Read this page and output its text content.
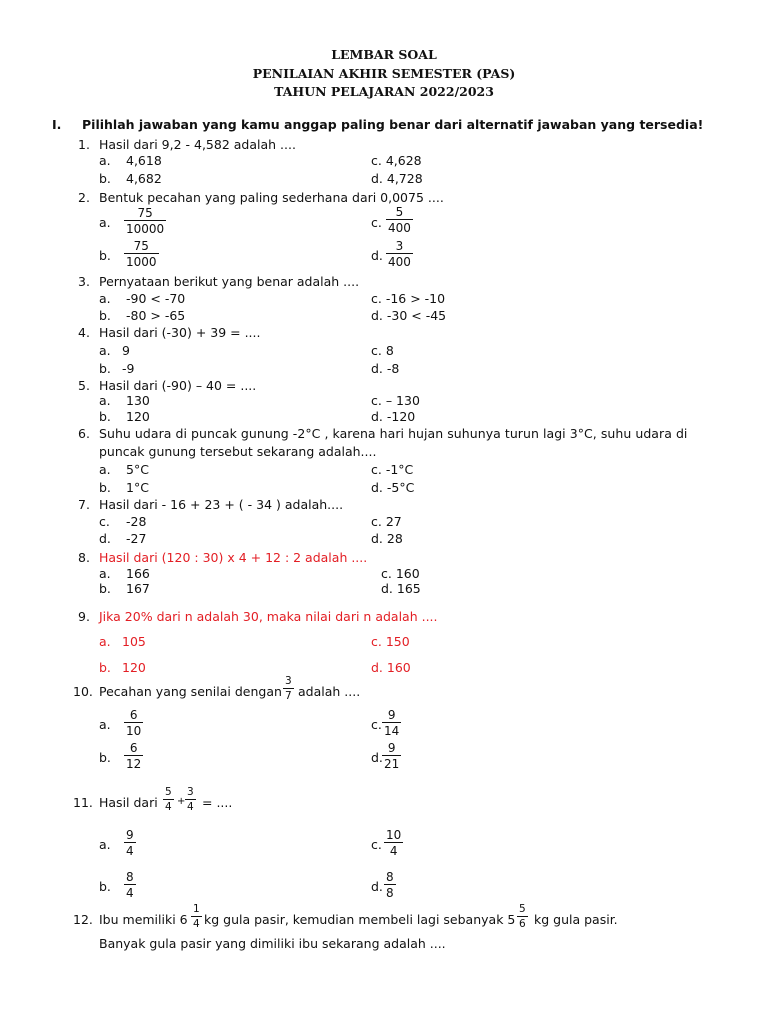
LEMBAR SOAL
PENILAIAN AKHIR SEMESTER (PAS)
TAHUN PELAJARAN 2022/2023
I. Pilihlah jawaban yang kamu anggap paling benar dari alternatif jawaban yang tersedia!
1. Hasil dari 9,2 - 4,582 adalah ....
a. 4,618
b. 4,682
c. 4,628
d. 4,728
2. Bentuk pecahan yang paling sederhana dari 0,0075 ....
a.
75
10000
b.
75
1000
c.
5
400
d.
3
400
3. Pernyataan berikut yang benar adalah ....
a. -90 < -70
b. -80 > -65
c. -16 > -10
d. -30 < -45
4. Hasil dari (-30) + 39 = ....
a. 9
b. -9
c. 8
d. -8
5. Hasil dari (-90) – 40 = ....
a. 130
b. 120
c. – 130
d. -120
6. Suhu udara di puncak gunung -2°C , karena hari hujan suhunya turun lagi 3°C, suhu udara di
puncak gunung tersebut sekarang adalah....
a. 5°C
b. 1°C
c. -1°C
d. -5°C
7. Hasil dari - 16 + 23 + ( - 34 ) adalah....
c. -28
d. -27
c. 27
d. 28
8. Hasil dari (120 : 30) x 4 + 12 : 2 adalah ....
a. 166
b. 167
c. 160
d. 165
9. Jika 20% dari n adalah 30, maka nilai dari n adalah ....
a. 105
b. 120
c. 150
d. 160
10. Pecahan yang senilai dengan
3
7 adalah ....
a.
6
10
b.
6
12
c.
9
14
d.
9
21
11. Hasil dari
5
4 +
3
4 = ....
a.
9
4
b.
8
4
c.
10
4
d.
8
8
12. Ibu memiliki 6
1
4 kg gula pasir, kemudian membeli lagi sebanyak 5
5
6 kg gula pasir.
Banyak gula pasir yang dimiliki ibu sekarang adalah ....
